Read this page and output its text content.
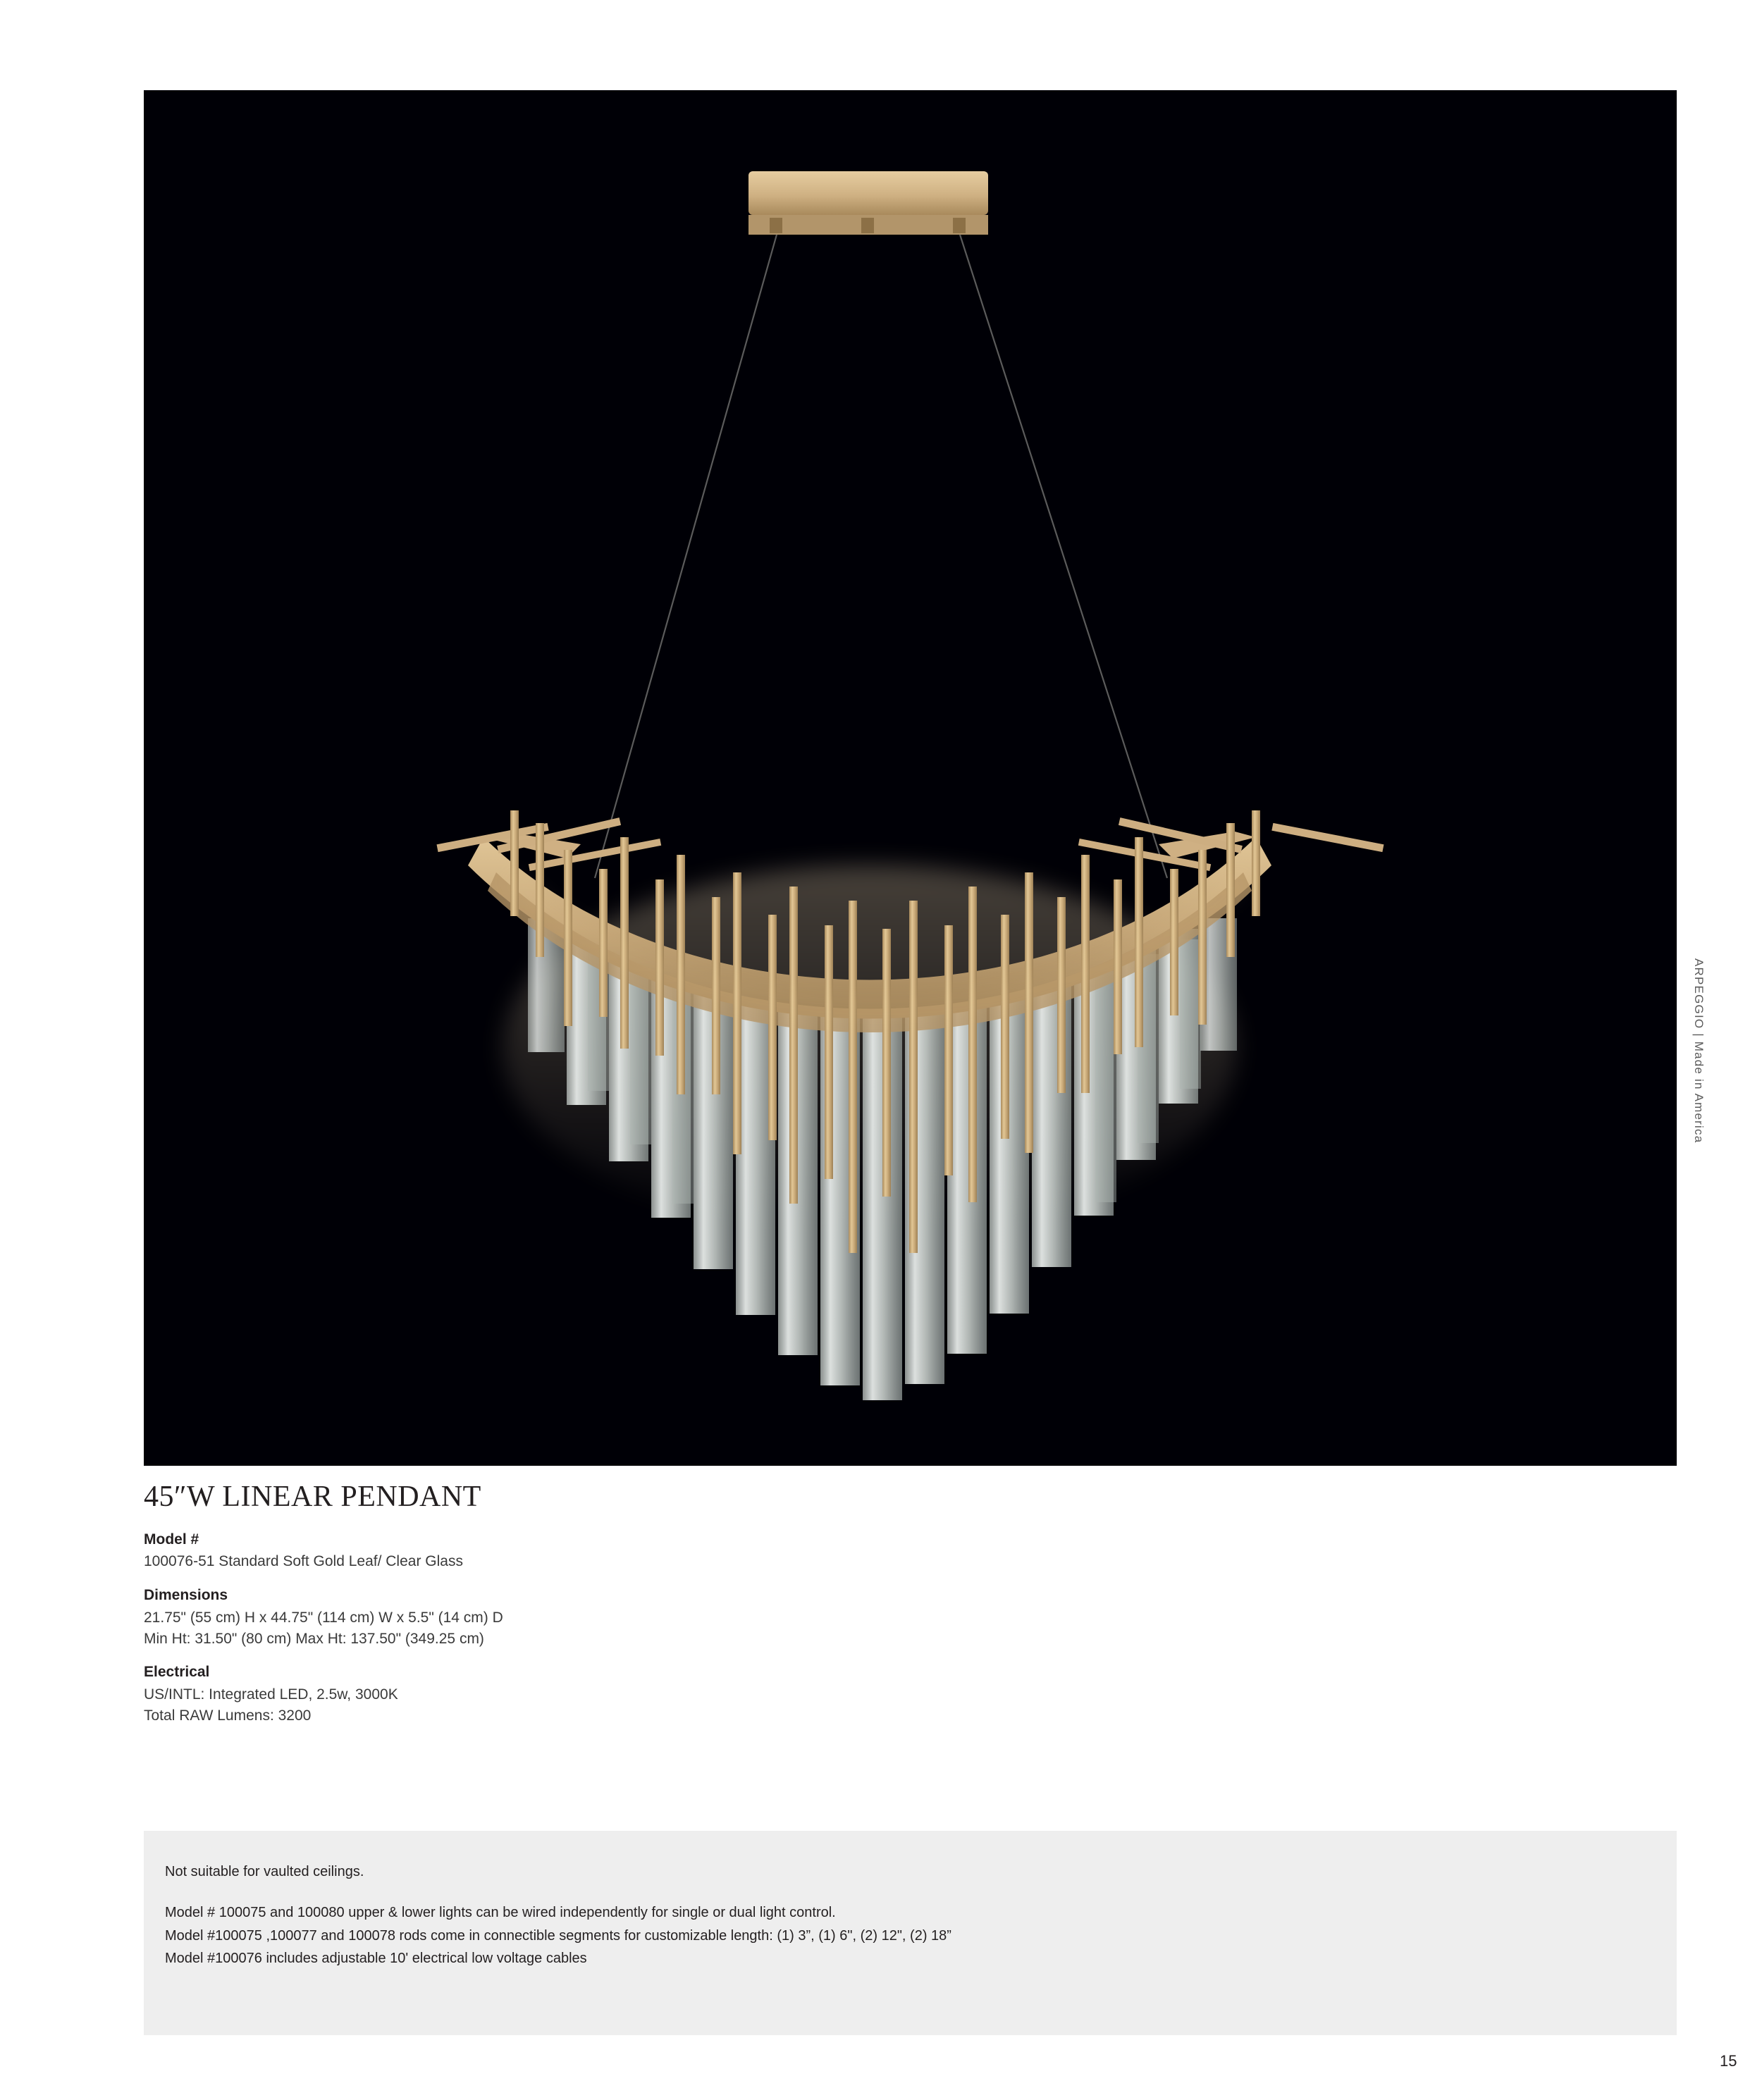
45″W LINEAR PENDANT
Model #
100076-51 Standard Soft Gold Leaf/ Clear Glass
Dimensions
21.75" (55 cm) H x 44.75" (114 cm) W x 5.5" (14 cm) D
Min Ht: 31.50" (80 cm) Max Ht: 137.50" (349.25 cm)
Electrical
US/INTL: Integrated LED, 2.5w, 3000K
Total RAW Lumens: 3200
Not suitable for vaulted ceilings.
Model # 100075 and 100080 upper & lower lights can be wired independently for single or dual light control.
Model #100075 ,100077 and 100078 rods come in connectible segments for customizable length: (1) 3”, (1) 6", (2) 12", (2) 18”
Model #100076 includes adjustable 10' electrical low voltage cables
ARPEGGIO | Made in America
15
